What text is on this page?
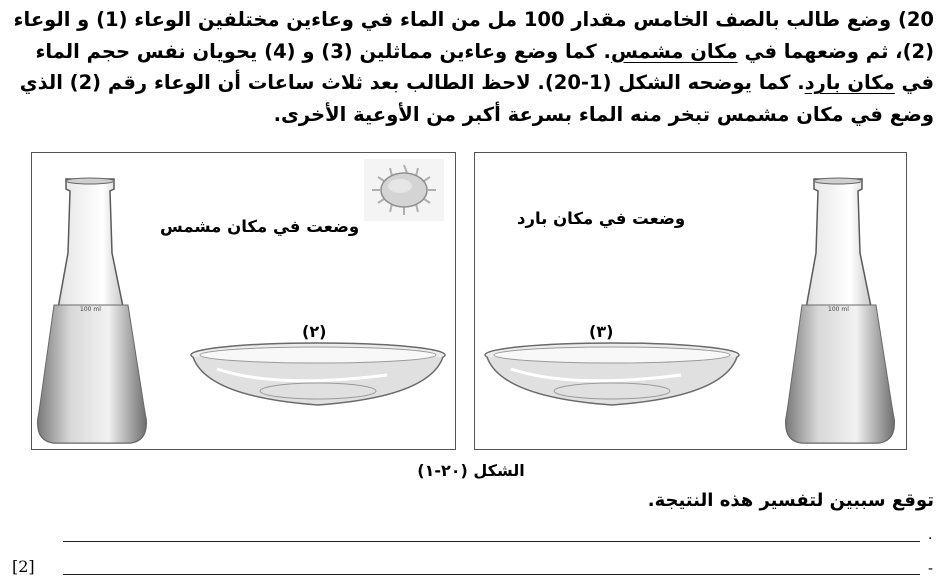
20) وضع طالب بالصف الخامس مقدار 100 مل من الماء في وعاءين مختلفين الوعاء (1) و الوعاء (2)، ثم وضعهما في مكان مشمس. كما وضع وعاءين مماثلين (3) و (4) يحويان نفس حجم الماء في مكان بارد. كما يوضحه الشكل (1-20). لاحظ الطالب بعد ثلاث ساعات أن الوعاء رقم (2) الذي وضع في مكان مشمس تبخر منه الماء بسرعة أكبر من الأوعية الأخرى.
وضعت في مكان مشمس
(٢)
100 ml
وضعت في مكان بارد
(٣)
100 ml
الشكل (٢٠-١)
توقع سببين لتفسير هذه النتيجة.
.
-
[2]
